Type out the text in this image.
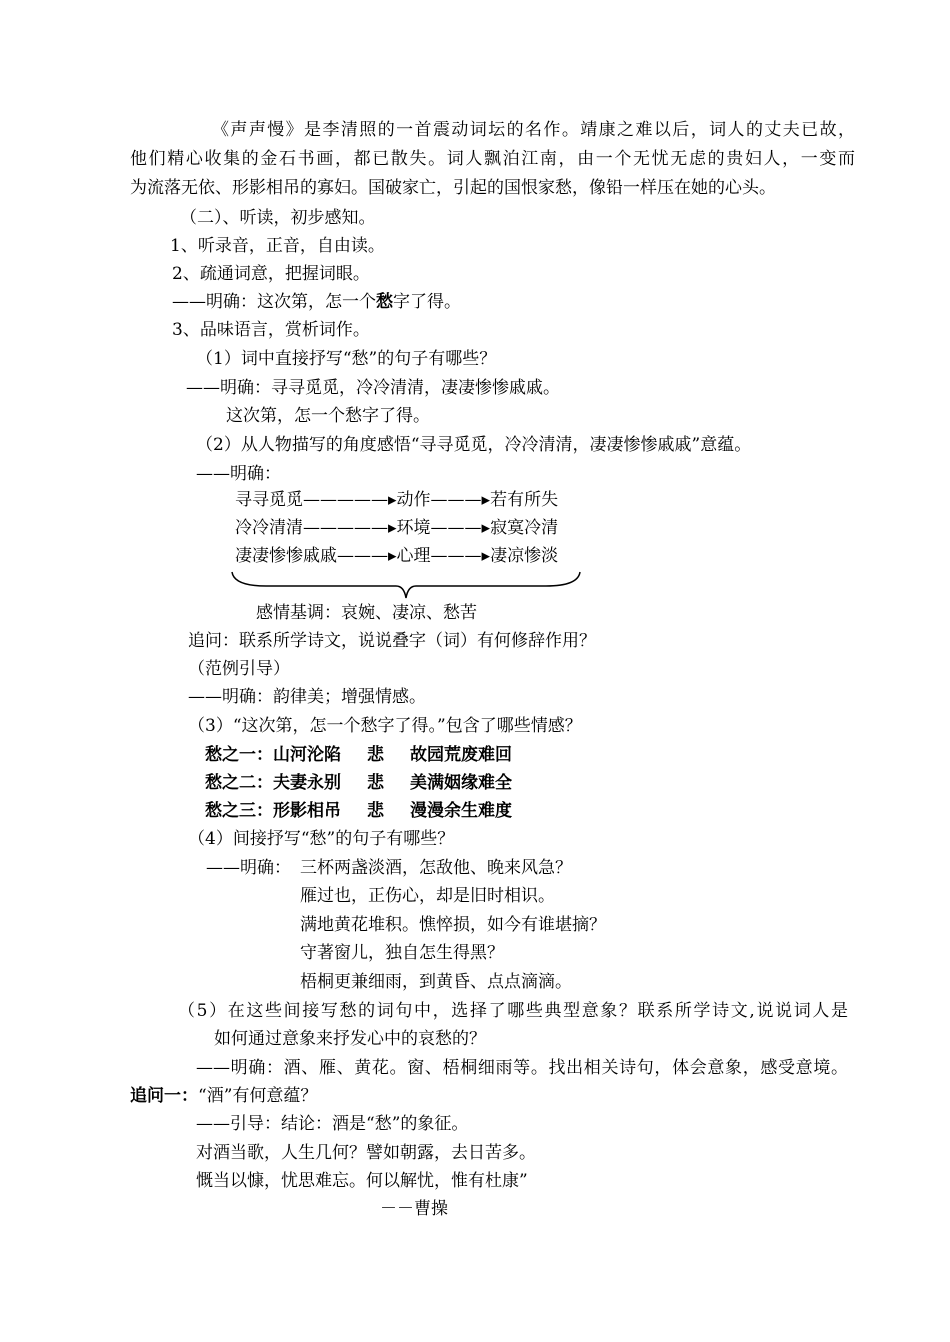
《声声慢》是李清照的一首震动词坛的名作。靖康之难以后，词人的丈夫已故，
他们精心收集的金石书画，都已散失。词人飘泊江南，由一个无忧无虑的贵妇人，一变而
为流落无依、形影相吊的寡妇。国破家亡，引起的国恨家愁，像铅一样压在她的心头。
（二）、听读，初步感知。
1、听录音，正音，自由读。
2、疏通词意，把握词眼。
——明确：这次第，怎一个愁字了得。
3、品味语言，赏析词作。
（1）词中直接抒写“愁”的句子有哪些？
——明确：寻寻觅觅，冷冷清清，凄凄惨惨戚戚。
这次第，怎一个愁字了得。
（2）从人物描写的角度感悟“寻寻觅觅，冷冷清清，凄凄惨惨戚戚”意蕴。
——明确：
寻寻觅觅—————▸动作———▸若有所失
冷冷清清—————▸环境———▸寂寞冷清
凄凄惨惨戚戚———▸心理———▸凄凉惨淡
感情基调：哀婉、凄凉、愁苦
追问：联系所学诗文，说说叠字（词）有何修辞作用？
（范例引导）
——明确：韵律美；增强情感。
（3）“这次第，怎一个愁字了得。”包含了哪些情感？
愁之一：山河沦陷 悲 故园荒废难回
愁之二：夫妻永别 悲 美满姻缘难全
愁之三：形影相吊 悲 漫漫余生难度
（4）间接抒写“愁”的句子有哪些？
——明确： 三杯两盏淡酒，怎敌他、晚来风急？
雁过也，正伤心，却是旧时相识。
满地黄花堆积。憔悴损，如今有谁堪摘？
守著窗儿，独自怎生得黑？
梧桐更兼细雨，到黄昏、点点滴滴。
（5）在这些间接写愁的词句中，选择了哪些典型意象？联系所学诗文,说说词人是
如何通过意象来抒发心中的哀愁的？
——明确：酒、雁、黄花。窗、梧桐细雨等。找出相关诗句，体会意象，感受意境。
追问一：“酒”有何意蕴？
——引导：结论：酒是“愁”的象征。
对酒当歌，人生几何？譬如朝露，去日苦多。
慨当以慷，忧思难忘。何以解忧，惟有杜康”
－－曹操
